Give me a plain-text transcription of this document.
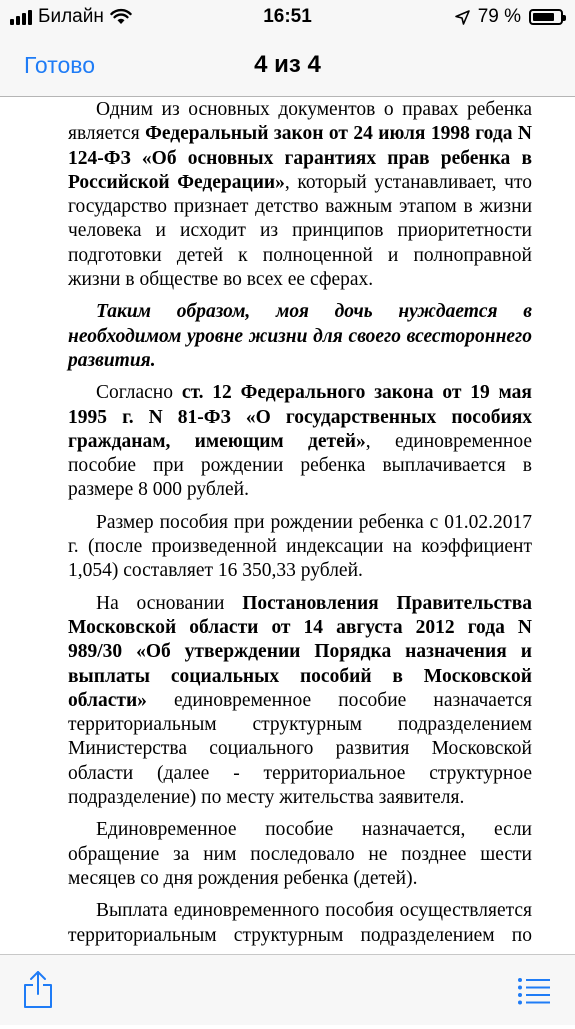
Билайн	16:51	79 %
Готово	4 из 4

Одним из основных документов о правах ребенка является Федеральный закон от 24 июля 1998 года N 124-ФЗ «Об основных гарантиях прав ребенка в Российской Федерации», который устанавливает, что государство признает детство важным этапом в жизни человека и исходит из принципов приоритетности подготовки детей к полноценной и полноправной жизни в обществе во всех ее сферах.

Таким образом, моя дочь нуждается в необходимом уровне жизни для своего всестороннего развития.

Согласно ст. 12 Федерального закона от 19 мая 1995 г. N 81-ФЗ «О государственных пособиях гражданам, имеющим детей», единовременное пособие при рождении ребенка выплачивается в размере 8 000 рублей.

Размер пособия при рождении ребенка с 01.02.2017 г. (после произведенной индексации на коэффициент 1,054) составляет 16 350,33 рублей.

На основании Постановления Правительства Московской области от 14 августа 2012 года N 989/30 «Об утверждении Порядка назначения и выплаты социальных пособий в Московской области» единовременное пособие назначается территориальным структурным подразделением Министерства социального развития Московской области (далее - территориальное структурное подразделение) по месту жительства заявителя.

Единовременное пособие назначается, если обращение за ним последовало не позднее шести месяцев со дня рождения ребенка (детей).

Выплата единовременного пособия осуществляется территориальным структурным подразделением по
